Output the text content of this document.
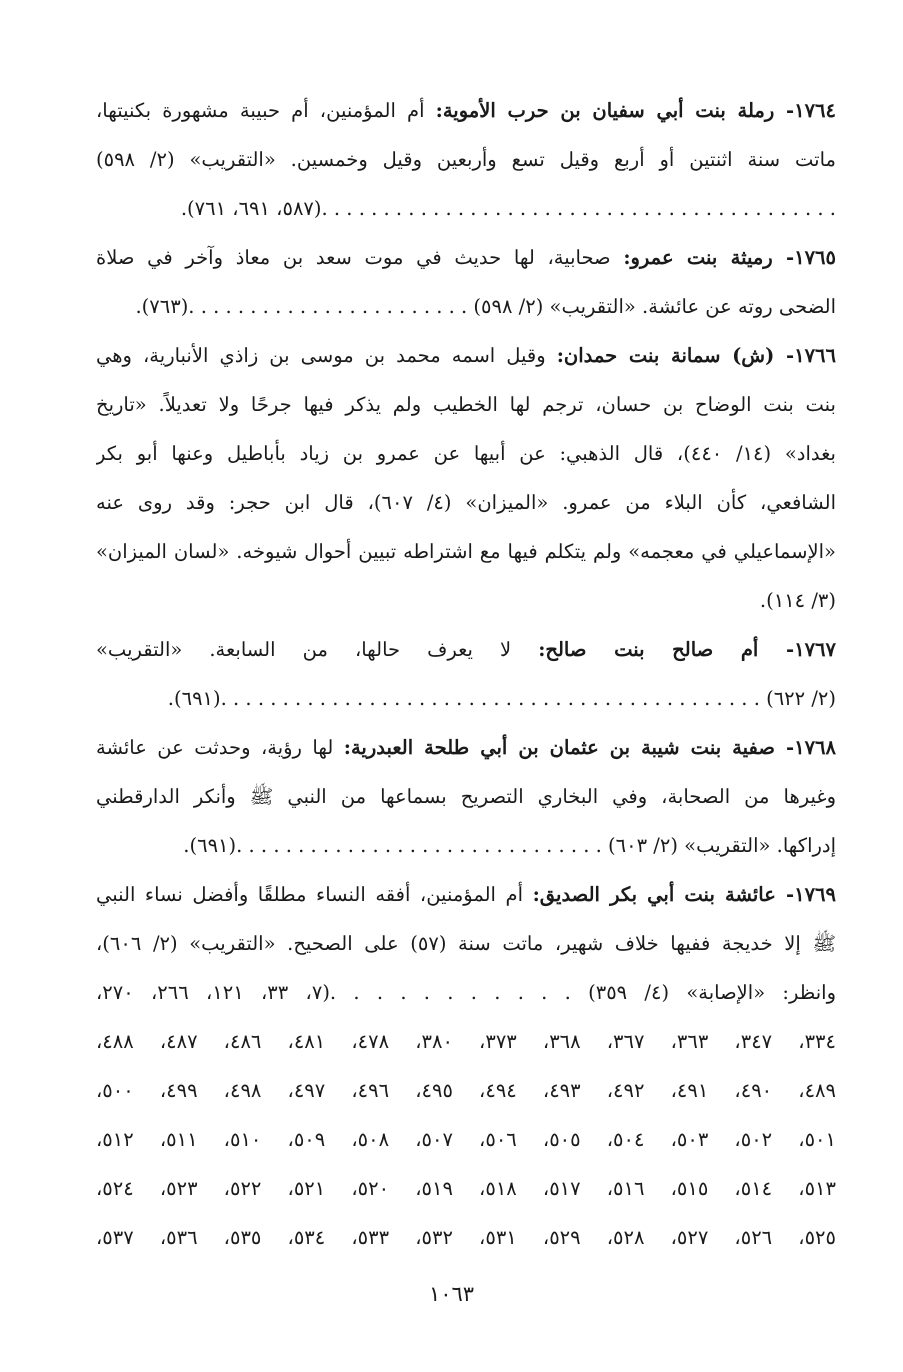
١٧٦٤- رملة بنت أبي سفيان بن حرب الأموية: أم المؤمنين، أم حبيبة مشهورة بكنيتها،
ماتت سنة اثنتين أو أربع وقيل تسع وأربعين وقيل وخمسين. «التقريب» (٢/ ٥٩٨)
. . . . . . . . . . . . . . . . . . . . . . . . . . . . . . . . . . . . . . . . . .(٥٨٧، ٦٩١، ٧٦١).
١٧٦٥- رميثة بنت عمرو: صحابية، لها حديث في موت سعد بن معاذ وآخر في صلاة
الضحى روته عن عائشة. «التقريب» (٢/ ٥٩٨) . . . . . . . . . . . . . . . . . . . . . . .(٧٦٣).
١٧٦٦- (ش) سمانة بنت حمدان: وقيل اسمه محمد بن موسى بن زاذي الأنبارية، وهي
بنت بنت الوضاح بن حسان، ترجم لها الخطيب ولم يذكر فيها جرحًا ولا تعديلاً. «تاريخ
بغداد» (١٤/ ٤٤٠)، قال الذهبي: عن أبيها عن عمرو بن زياد بأباطيل وعنها أبو بكر
الشافعي، كأن البلاء من عمرو. «الميزان» (٤/ ٦٠٧)، قال ابن حجر: وقد روى عنه
«الإسماعيلي في معجمه» ولم يتكلم فيها مع اشتراطه تبيين أحوال شيوخه. «لسان الميزان»
(٣/ ١١٤).
١٧٦٧- أم صالح بنت صالح: لا يعرف حالها، من السابعة. «التقريب»
(٢/ ٦٢٢) . . . . . . . . . . . . . . . . . . . . . . . . . . . . . . . . . . . . . . . . . . . .(٦٩١).
١٧٦٨- صفية بنت شيبة بن عثمان بن أبي طلحة العبدرية: لها رؤية، وحدثت عن عائشة
وغيرها من الصحابة، وفي البخاري التصريح بسماعها من النبي ﷺ وأنكر الدارقطني
إدراكها. «التقريب» (٢/ ٦٠٣) . . . . . . . . . . . . . . . . . . . . . . . . . . . . . .(٦٩١).
١٧٦٩- عائشة بنت أبي بكر الصديق: أم المؤمنين، أفقه النساء مطلقًا وأفضل نساء النبي
ﷺ إلا خديجة ففيها خلاف شهير، ماتت سنة (٥٧) على الصحيح. «التقريب» (٢/ ٦٠٦)،
وانظر: «الإصابة» (٤/ ٣٥٩) . . . . . . . . . . .(٧، ٣٣، ١٢١، ٢٦٦، ٢٧٠،
٣٣٤، ٣٤٧، ٣٦٣، ٣٦٧، ٣٦٨، ٣٧٣، ٣٨٠، ٤٧٨، ٤٨١، ٤٨٦، ٤٨٧، ٤٨٨،
٤٨٩، ٤٩٠، ٤٩١، ٤٩٢، ٤٩٣، ٤٩٤، ٤٩٥، ٤٩٦، ٤٩٧، ٤٩٨، ٤٩٩، ٥٠٠،
٥٠١، ٥٠٢، ٥٠٣، ٥٠٤، ٥٠٥، ٥٠٦، ٥٠٧، ٥٠٨، ٥٠٩، ٥١٠، ٥١١، ٥١٢،
٥١٣، ٥١٤، ٥١٥، ٥١٦، ٥١٧، ٥١٨، ٥١٩، ٥٢٠، ٥٢١، ٥٢٢، ٥٢٣، ٥٢٤،
٥٢٥، ٥٢٦، ٥٢٧، ٥٢٨، ٥٢٩، ٥٣١، ٥٣٢، ٥٣٣، ٥٣٤، ٥٣٥، ٥٣٦، ٥٣٧،
١٠٦٣
